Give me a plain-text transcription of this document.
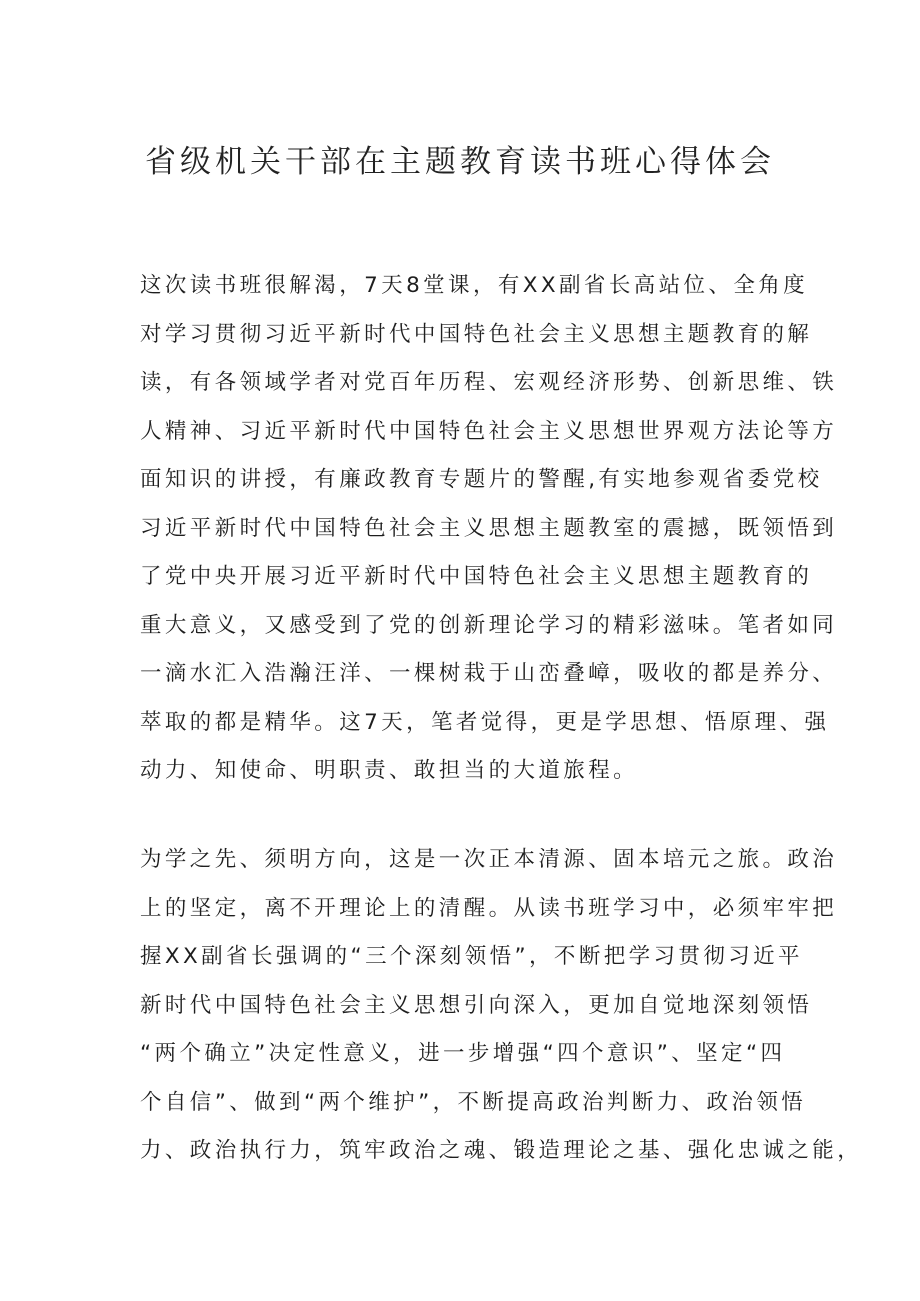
省级机关干部在主题教育读书班心得体会
这次读书班很解渴，7天8堂课，有XX副省长高站位、全角度
对学习贯彻习近平新时代中国特色社会主义思想主题教育的解
读，有各领域学者对党百年历程、宏观经济形势、创新思维、铁
人精神、习近平新时代中国特色社会主义思想世界观方法论等方
面知识的讲授，有廉政教育专题片的警醒,有实地参观省委党校
习近平新时代中国特色社会主义思想主题教室的震撼，既领悟到
了党中央开展习近平新时代中国特色社会主义思想主题教育的
重大意义，又感受到了党的创新理论学习的精彩滋味。笔者如同
一滴水汇入浩瀚汪洋、一棵树栽于山峦叠嶂，吸收的都是养分、
萃取的都是精华。这7天，笔者觉得，更是学思想、悟原理、强
动力、知使命、明职责、敢担当的大道旅程。
为学之先、须明方向，这是一次正本清源、固本培元之旅。政治
上的坚定，离不开理论上的清醒。从读书班学习中，必须牢牢把
握XX副省长强调的“三个深刻领悟”，不断把学习贯彻习近平
新时代中国特色社会主义思想引向深入，更加自觉地深刻领悟
“两个确立”决定性意义，进一步增强“四个意识”、坚定“四
个自信”、做到“两个维护”，不断提高政治判断力、政治领悟
力、政治执行力，筑牢政治之魂、锻造理论之基、强化忠诚之能，
